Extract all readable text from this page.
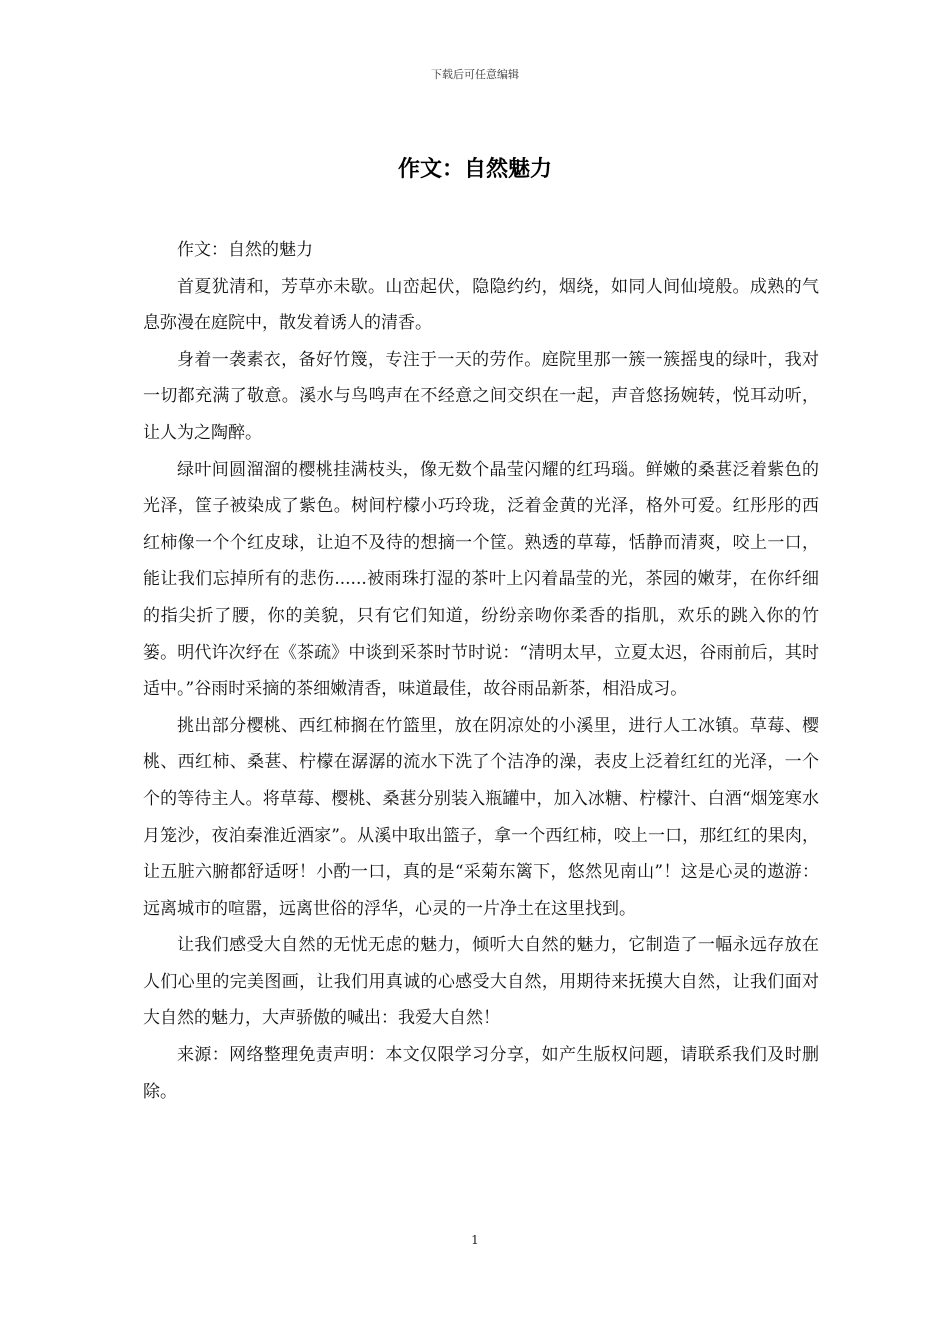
下载后可任意编辑
作文：自然魅力

作文：自然的魅力

首夏犹清和，芳草亦未歇。山峦起伏，隐隐约约，烟绕，如同人间仙境般。成熟的气息弥漫在庭院中，散发着诱人的清香。

身着一袭素衣，备好竹篾，专注于一天的劳作。庭院里那一簇一簇摇曳的绿叶，我对一切都充满了敬意。溪水与鸟鸣声在不经意之间交织在一起，声音悠扬婉转，悦耳动听，让人为之陶醉。

绿叶间圆溜溜的樱桃挂满枝头，像无数个晶莹闪耀的红玛瑙。鲜嫩的桑葚泛着紫色的光泽，筐子被染成了紫色。树间柠檬小巧玲珑，泛着金黄的光泽，格外可爱。红彤彤的西红柿像一个个红皮球，让迫不及待的想摘一个筐。熟透的草莓，恬静而清爽，咬上一口，能让我们忘掉所有的悲伤......被雨珠打湿的茶叶上闪着晶莹的光，茶园的嫩芽，在你纤细的指尖折了腰，你的美貌，只有它们知道，纷纷亲吻你柔香的指肌，欢乐的跳入你的竹篓。明代许次纾在《茶疏》中谈到采茶时节时说：“清明太早，立夏太迟，谷雨前后，其时适中。”谷雨时采摘的茶细嫩清香，味道最佳，故谷雨品新茶，相沿成习。

挑出部分樱桃、西红柿搁在竹篮里，放在阴凉处的小溪里，进行人工冰镇。草莓、樱桃、西红柿、桑葚、柠檬在潺潺的流水下洗了个洁净的澡，表皮上泛着红红的光泽，一个个的等待主人。将草莓、樱桃、桑葚分别装入瓶罐中，加入冰糖、柠檬汁、白酒“烟笼寒水月笼沙，夜泊秦淮近酒家”。从溪中取出篮子，拿一个西红柿，咬上一口，那红红的果肉，让五脏六腑都舒适呀！小酌一口，真的是“采菊东篱下，悠然见南山”！这是心灵的遨游：远离城市的喧嚣，远离世俗的浮华，心灵的一片净土在这里找到。

让我们感受大自然的无忧无虑的魅力，倾听大自然的魅力，它制造了一幅永远存放在人们心里的完美图画，让我们用真诚的心感受大自然，用期待来抚摸大自然，让我们面对大自然的魅力，大声骄傲的喊出：我爱大自然！

来源：网络整理免责声明：本文仅限学习分享，如产生版权问题，请联系我们及时删除。

1
